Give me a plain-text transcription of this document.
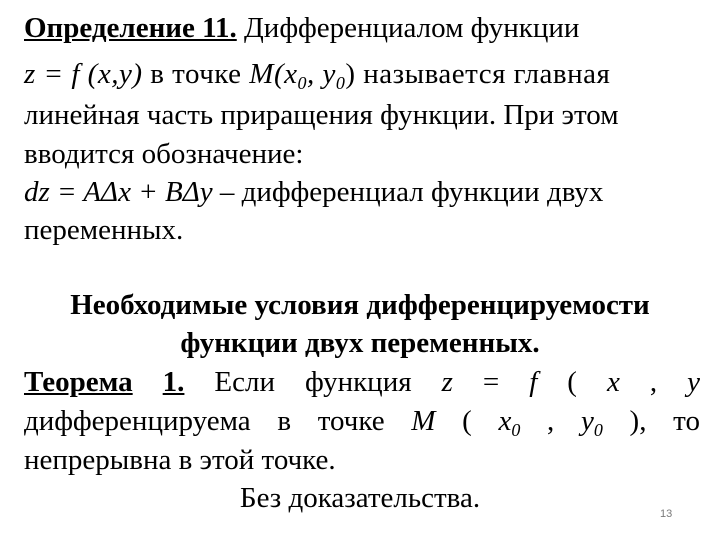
Определение 11. Дифференциалом функции
z = f (x,y) в точке $M(x_0$, $y_0$) называется главная
линейная часть приращения функции. При этом
вводится обозначение:
dz = AΔx + BΔy – дифференциал функции двух
переменных.
Необходимые условия дифференцируемости
функции двух переменных.
Теорема 1. Если функция z = f ( x , y
дифференцируема в точке M ( $x_0$ , $y_0$ ), то
непрерывна в этой точке.
Без доказательства.	13
